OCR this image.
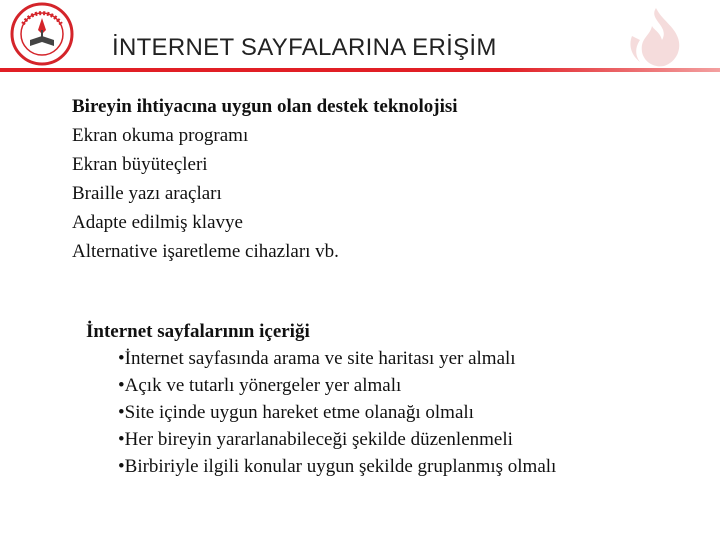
İNTERNET SAYFALARINA ERİŞİM
Bireyin ihtiyacına uygun olan destek teknolojisi
Ekran okuma programı
Ekran büyüteçleri
Braille yazı araçları
Adapte edilmiş klavye
Alternative işaretleme cihazları vb.
İnternet sayfalarının içeriği
•İnternet sayfasında arama ve site haritası yer almalı
•Açık ve tutarlı yönergeler yer almalı
•Site içinde uygun hareket etme olanağı olmalı
•Her bireyin yararlanabileceği şekilde düzenlenmeli
•Birbiriyle ilgili konular uygun şekilde gruplanmış olmalı
